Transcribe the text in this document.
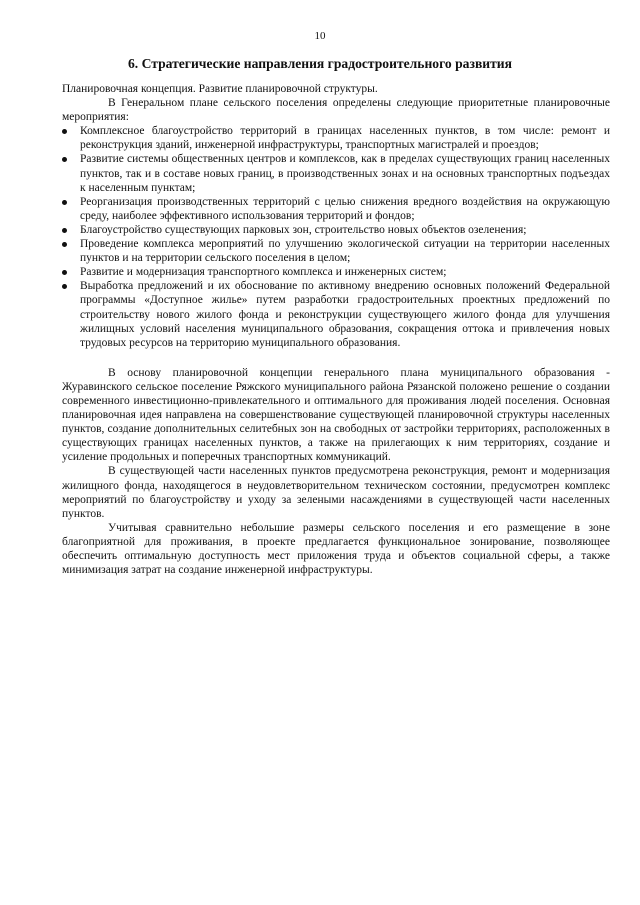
10
6. Стратегические направления градостроительного развития

Планировочная концепция. Развитие планировочной структуры.

В Генеральном плане сельского поселения определены следующие приоритетные планировочные мероприятия:

Комплексное благоустройство территорий в границах населенных пунктов, в том числе: ремонт и реконструкция зданий, инженерной инфраструктуры, транспортных магистралей и проездов;
Развитие системы общественных центров и комплексов, как в пределах существующих границ населенных пунктов, так и в составе новых границ, в производственных зонах и на основных транспортных подъездах к населенным пунктам;
Реорганизация производственных территорий с целью снижения вредного воздействия на окружающую среду, наиболее эффективного использования территорий и фондов;
Благоустройство существующих парковых зон, строительство новых объектов озеленения;
Проведение комплекса мероприятий по улучшению экологической ситуации на территории населенных пунктов и на территории сельского поселения в целом;
Развитие и модернизация транспортного комплекса и инженерных систем;
Выработка предложений и их обоснование по активному внедрению основных положений Федеральной программы «Доступное жилье» путем разработки градостроительных проектных предложений по строительству нового жилого фонда и реконструкции существующего жилого фонда для улучшения жилищных условий населения муниципального образования, сокращения оттока и привлечения новых трудовых ресурсов на территорию муниципального образования.

В основу планировочной концепции генерального плана муниципального образования - Журавинского сельское поселение Ряжского муниципального района Рязанской положено решение о создании современного инвестиционно-привлекательного и оптимального для проживания людей поселения. Основная планировочная идея направлена на совершенствование существующей планировочной структуры населенных пунктов, создание дополнительных селитебных зон на свободных от застройки территориях, расположенных в существующих границах населенных пунктов, а также на прилегающих к ним территориях, создание и усиление продольных и поперечных транспортных коммуникаций.

В существующей части населенных пунктов предусмотрена реконструкция, ремонт и модернизация жилищного фонда, находящегося в неудовлетворительном техническом состоянии, предусмотрен комплекс мероприятий по благоустройству и уходу за зелеными насаждениями в существующей части населенных пунктов.

Учитывая сравнительно небольшие размеры сельского поселения и его размещение в зоне благоприятной для проживания, в проекте предлагается функциональное зонирование, позволяющее обеспечить оптимальную доступность мест приложения труда и объектов социальной сферы, а также минимизация затрат на создание инженерной инфраструктуры.
